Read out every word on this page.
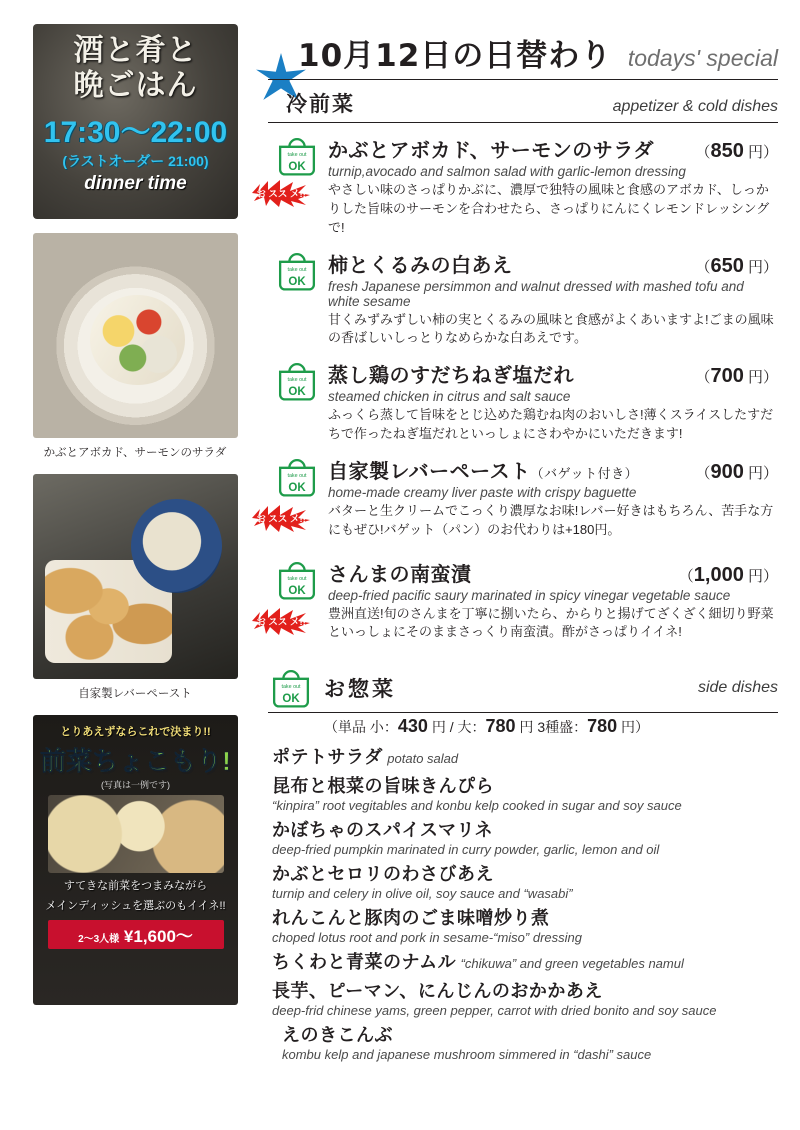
酒と肴と
晩ごはん
17:30〜22:00
(ラストオーダー 21:00)
dinner time
かぶとアボカド、サーモンのサラダ
自家製レバーペースト
とりあえずならこれで決まり!!
前菜ちょこもり!
(写真は一例です)
すてきな前菜をつまみながら
メインディッシュを選ぶのもイイネ!!
2〜3人様 ¥1,600〜
10月12日の日替わり todays' special
冷前菜	appetizer & cold dishes
take out
OK
かぶとアボカド、サーモンのサラダ	（850 円）
turnip,avocado and salmon salad with garlic-lemon dressing
やさしい味のさっぱりかぶに、濃厚で独特の風味と食感のアボカド、しっかりした旨味のサーモンを合わせたら、さっぱりにんにくレモンドレッシングで!
お スス メ!!
take out
OK
柿とくるみの白あえ	（650 円）
fresh Japanese persimmon and walnut dressed with mashed tofu and white sesame
甘くみずみずしい柿の実とくるみの風味と食感がよくあいますよ!ごまの風味の香ばしいしっとりなめらかな白あえです。
take out
OK
蒸し鶏のすだちねぎ塩だれ	（700 円）
steamed chicken in citrus and salt sauce
ふっくら蒸して旨味をとじ込めた鶏むね肉のおいしさ!薄くスライスしたすだちで作ったねぎ塩だれといっしょにさわやかにいただきます!
take out
OK
自家製レバーペースト（バゲット付き）	（900 円）
home-made creamy liver paste with crispy baguette
バターと生クリームでこっくり濃厚なお味!レバー好きはもちろん、苦手な方にもぜひ!バゲット（パン）のお代わりは+180円。
お スス メ!!
take out
OK
さんまの南蛮漬	（1,000 円）
deep-fried pacific saury marinated in spicy vinegar vegetable sauce
豊洲直送!旬のさんまを丁寧に捌いたら、からりと揚げてざくざく細切り野菜といっしょにそのままさっくり南蛮漬。酢がさっぱりイイネ!
お スス メ!!
take out
OK お惣菜	side dishes
（単品 小：430 円 / 大：780 円 3種盛：780 円）
ポテトサラダ potato salad
昆布と根菜の旨味きんぴら
“kinpira” root vegitables and konbu kelp cooked in sugar and soy sauce
かぼちゃのスパイスマリネ
deep-fried pumpkin marinated in curry powder, garlic, lemon and oil
かぶとセロリのわさびあえ
turnip and celery in olive oil, soy sauce and “wasabi”
れんこんと豚肉のごま味噌炒り煮
choped lotus root and pork in sesame-“miso” dressing
ちくわと青菜のナムル “chikuwa” and green vegetables namul
長芋、ピーマン、にんじんのおかかあえ
deep-frid chinese yams, green pepper, carrot with dried bonito and soy sauce
えのきこんぶ
kombu kelp and japanese mushroom simmered in “dashi” sauce
